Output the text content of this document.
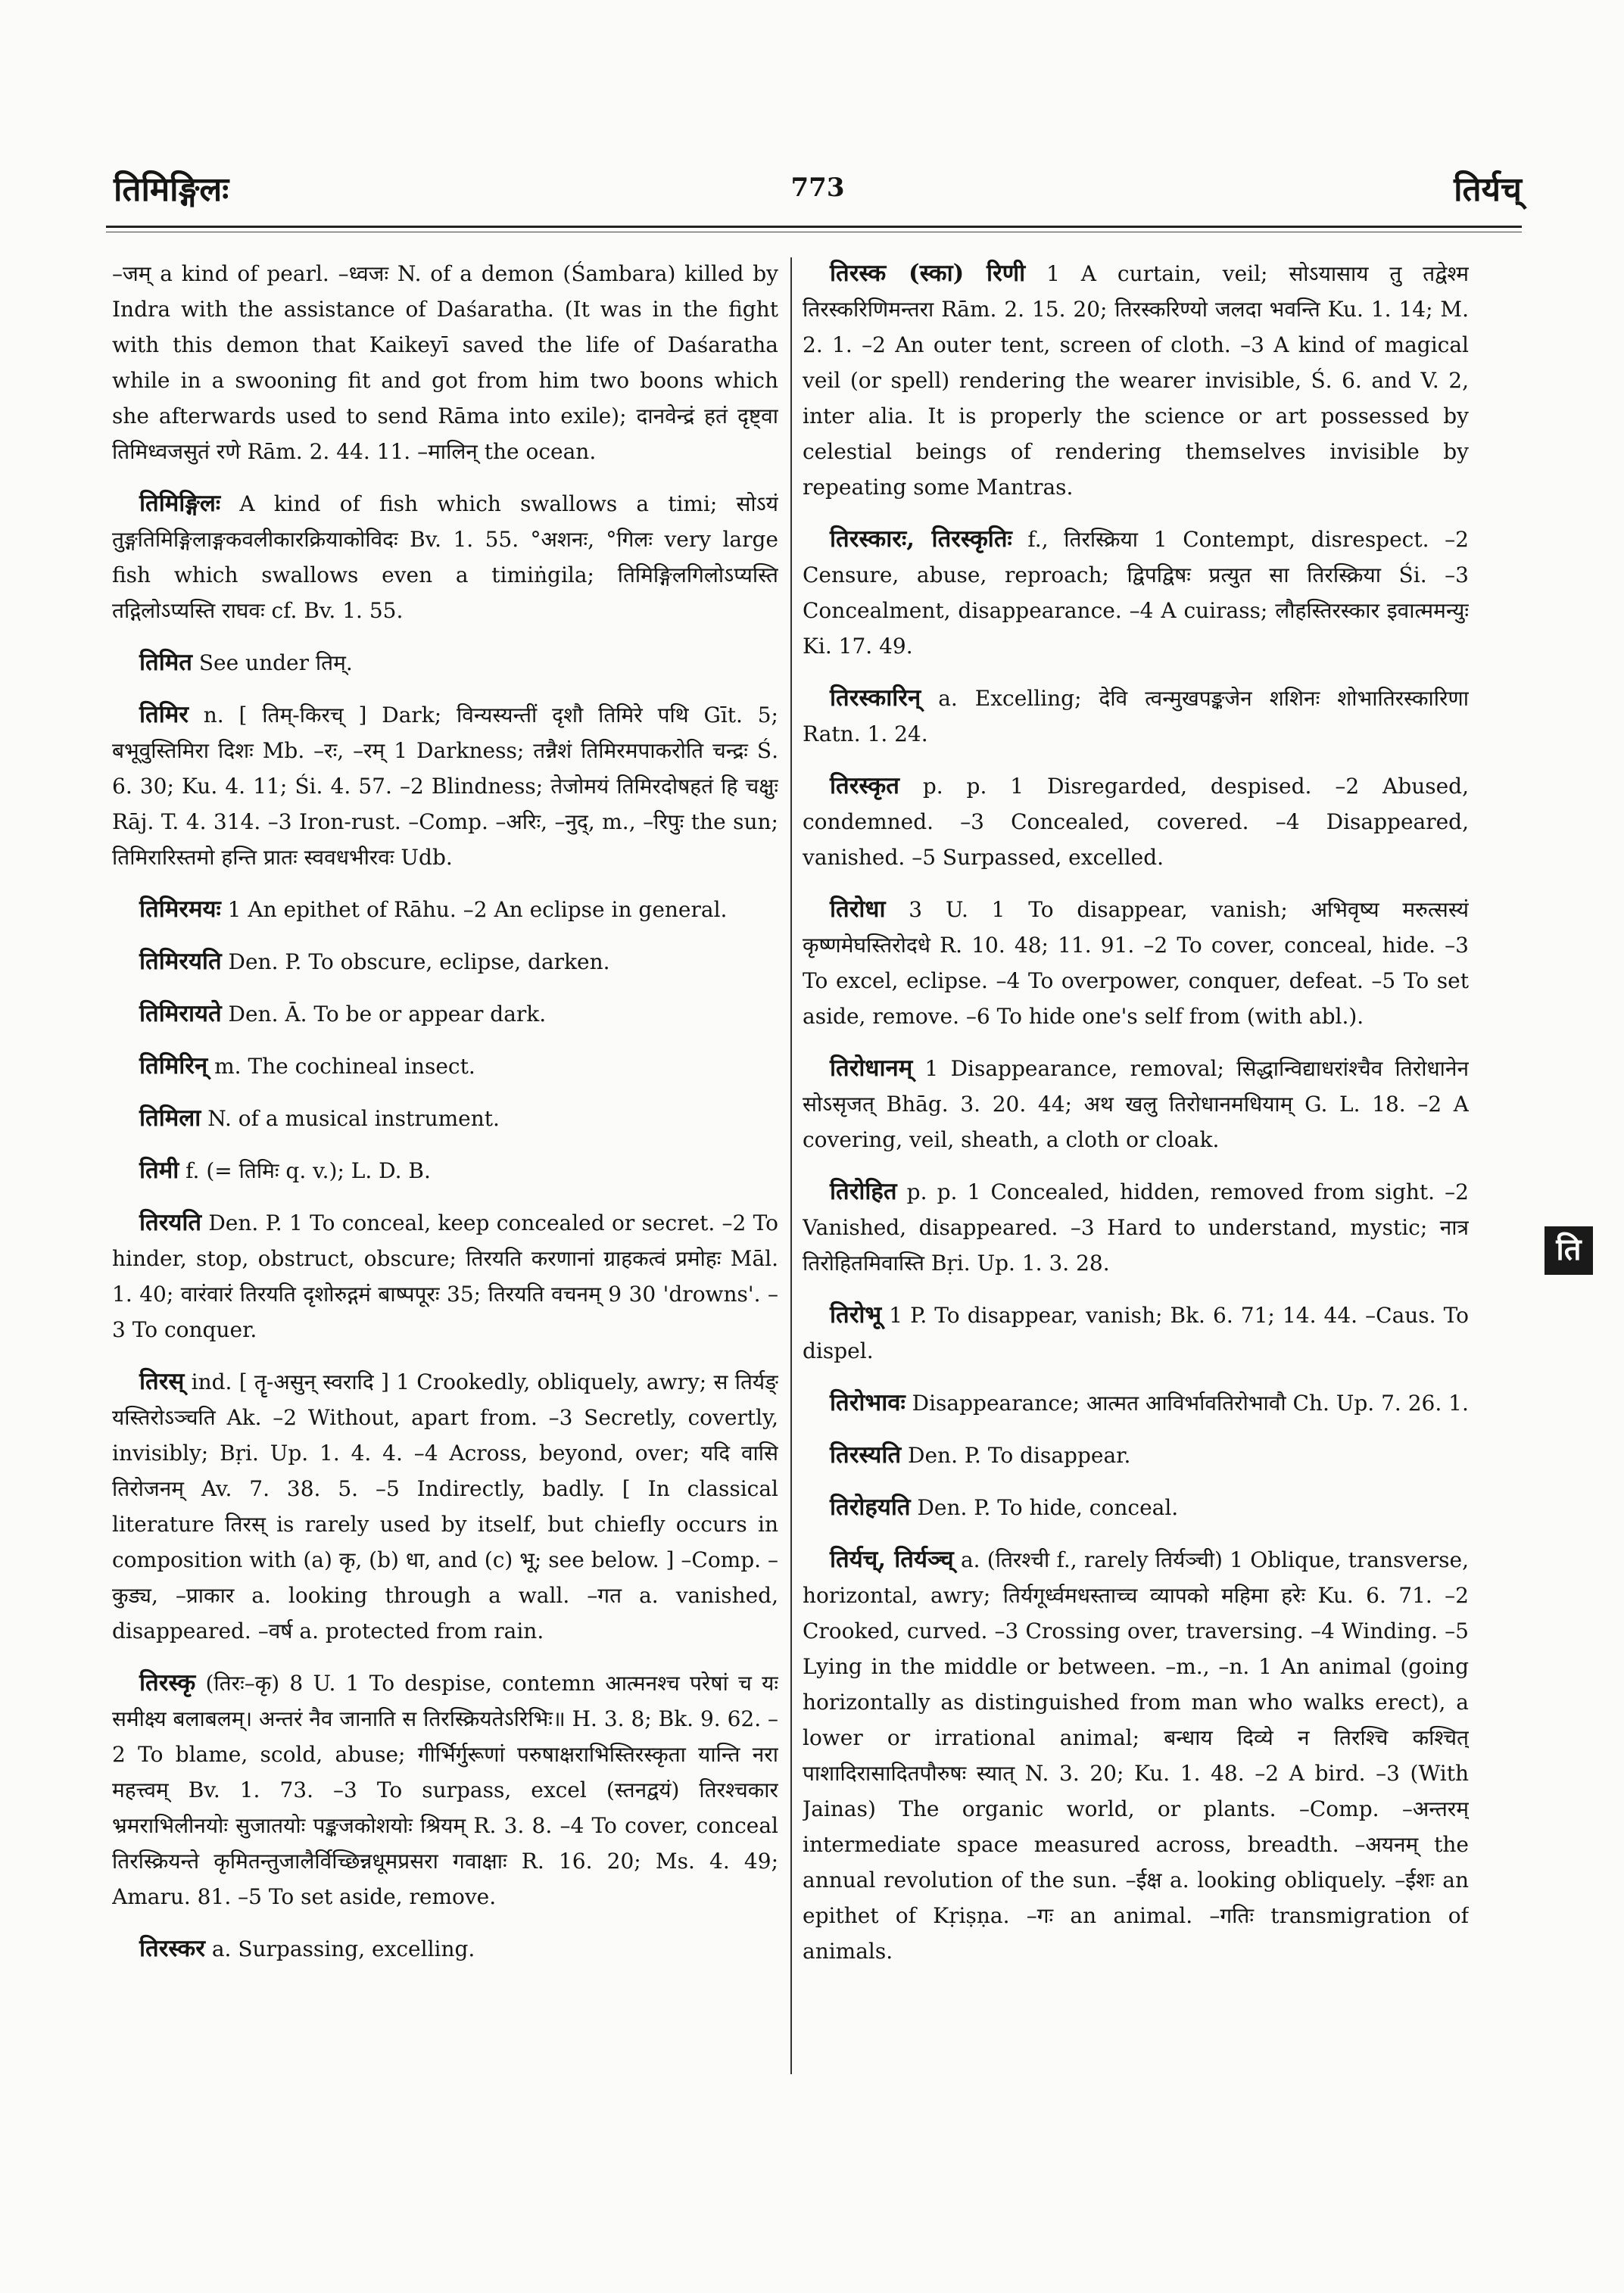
तिमिङ्गिलः	773	तिर्यच्

–जम् a kind of pearl. –ध्वजः N. of a demon (Śambara) killed by Indra with the assistance of Daśaratha. (It was in the fight with this demon that Kaikeyī saved the life of Daśaratha while in a swooning fit and got from him two boons which she afterwards used to send Rāma into exile); दानवेन्द्रं हतं दृष्ट्वा तिमिध्वजसुतं रणे Rām. 2. 44. 11. –मालिन् the ocean.

तिमिङ्गिलः A kind of fish which swallows a timi; सोऽयं तुङ्गतिमिङ्गिलाङ्गकवलीकारक्रियाकोविदः Bv. 1. 55. °अशनः, °गिलः very large fish which swallows even a timiṅgila; तिमिङ्गिलगिलोऽप्यस्ति तद्गिलोऽप्यस्ति राघवः cf. Bv. 1. 55.

तिमित See under तिम्.

तिमिर n. [ तिम्-किरच् ] Dark; विन्यस्यन्तीं दृशौ तिमिरे पथि Gīt. 5; बभूवुस्तिमिरा दिशः Mb. –रः, –रम् 1 Darkness; तन्नैशं तिमिरमपाकरोति चन्द्रः Ś. 6. 30; Ku. 4. 11; Śi. 4. 57. –2 Blindness; तेजोमयं तिमिरदोषहतं हि चक्षुः Rāj. T. 4. 314. –3 Iron-rust. –Comp. –अरिः, –नुद्, m., –रिपुः the sun; तिमिरारिस्तमो हन्ति प्रातः स्ववधभीरवः Udb.

तिमिरमयः 1 An epithet of Rāhu. –2 An eclipse in general.

तिमिरयति Den. P. To obscure, eclipse, darken.

तिमिरायते Den. Ā. To be or appear dark.

तिमिरिन् m. The cochineal insect.

तिमिला N. of a musical instrument.

तिमी f. (= तिमिः q. v.); L. D. B.

तिरयति Den. P. 1 To conceal, keep concealed or secret. –2 To hinder, stop, obstruct, obscure; तिरयति करणानां ग्राहकत्वं प्रमोहः Māl. 1. 40; वारंवारं तिरयति दृशोरुद्गमं बाष्पपूरः 35; तिरयति वचनम् 9 30 'drowns'. –3 To conquer.

तिरस् ind. [ तॄ-असुन् स्वरादि ] 1 Crookedly, obliquely, awry; स तिर्यङ् यस्तिरोऽञ्चति Ak. –2 Without, apart from. –3 Secretly, covertly, invisibly; Bṛi. Up. 1. 4. 4. –4 Across, beyond, over; यदि वासि तिरोजनम् Av. 7. 38. 5. –5 Indirectly, badly. [ In classical literature तिरस् is rarely used by itself, but chiefly occurs in composition with (a) कृ, (b) धा, and (c) भू; see below. ] –Comp. –कुड्य, –प्राकार a. looking through a wall. –गत a. vanished, disappeared. –वर्ष a. protected from rain.

तिरस्कृ (तिरः–कृ) 8 U. 1 To despise, contemn आत्मनश्च परेषां च यः समीक्ष्य बलाबलम्। अन्तरं नैव जानाति स तिरस्क्रियतेऽरिभिः॥ H. 3. 8; Bk. 9. 62. –2 To blame, scold, abuse; गीर्भिर्गुरूणां परुषाक्षराभिस्तिरस्कृता यान्ति नरा महत्त्वम् Bv. 1. 73. –3 To surpass, excel (स्तनद्वयं) तिरश्चकार भ्रमराभिलीनयोः सुजातयोः पङ्कजकोशयोः श्रियम् R. 3. 8. –4 To cover, conceal तिरस्क्रियन्ते कृमितन्तुजालैर्विच्छिन्नधूमप्रसरा गवाक्षाः R. 16. 20; Ms. 4. 49; Amaru. 81. –5 To set aside, remove.

तिरस्कर a. Surpassing, excelling.

तिरस्क (स्का) रिणी 1 A curtain, veil; सोऽयासाय तु तद्वेश्म तिरस्करिणिमन्तरा Rām. 2. 15. 20; तिरस्करिण्यो जलदा भवन्ति Ku. 1. 14; M. 2. 1. –2 An outer tent, screen of cloth. –3 A kind of magical veil (or spell) rendering the wearer invisible, Ś. 6. and V. 2, inter alia. It is properly the science or art possessed by celestial beings of rendering themselves invisible by repeating some Mantras.

तिरस्कारः, तिरस्कृतिः f., तिरस्क्रिया 1 Contempt, disrespect. –2 Censure, abuse, reproach; द्विपद्विषः प्रत्युत सा तिरस्क्रिया Śi. –3 Concealment, disappearance. –4 A cuirass; लौहस्तिरस्कार इवात्ममन्युः Ki. 17. 49.

तिरस्कारिन् a. Excelling; देवि त्वन्मुखपङ्कजेन शशिनः शोभातिरस्कारिणा Ratn. 1. 24.

तिरस्कृत p. p. 1 Disregarded, despised. –2 Abused, condemned. –3 Concealed, covered. –4 Disappeared, vanished. –5 Surpassed, excelled.

तिरोधा 3 U. 1 To disappear, vanish; अभिवृष्य मरुत्सस्यं कृष्णमेघस्तिरोदधे R. 10. 48; 11. 91. –2 To cover, conceal, hide. –3 To excel, eclipse. –4 To overpower, conquer, defeat. –5 To set aside, remove. –6 To hide one's self from (with abl.).

तिरोधानम् 1 Disappearance, removal; सिद्धान्विद्याधरांश्चैव तिरोधानेन सोऽसृजत् Bhāg. 3. 20. 44; अथ खलु तिरोधानमधियाम् G. L. 18. –2 A covering, veil, sheath, a cloth or cloak.

तिरोहित p. p. 1 Concealed, hidden, removed from sight. –2 Vanished, disappeared. –3 Hard to understand, mystic; नात्र तिरोहितमिवास्ति Bṛi. Up. 1. 3. 28.

तिरोभू 1 P. To disappear, vanish; Bk. 6. 71; 14. 44. –Caus. To dispel.

तिरोभावः Disappearance; आत्मत आविर्भावतिरोभावौ Ch. Up. 7. 26. 1.

तिरस्यति Den. P. To disappear.

तिरोहयति Den. P. To hide, conceal.

तिर्यच्, तिर्यञ्च् a. (तिरश्ची f., rarely तिर्यञ्ची) 1 Oblique, transverse, horizontal, awry; तिर्यगूर्ध्वमधस्ताच्च व्यापको महिमा हरेः Ku. 6. 71. –2 Crooked, curved. –3 Crossing over, traversing. –4 Winding. –5 Lying in the middle or between. –m., –n. 1 An animal (going horizontally as distinguished from man who walks erect), a lower or irrational animal; बन्धाय दिव्ये न तिरश्चि कश्चित् पाशादिरासादितपौरुषः स्यात् N. 3. 20; Ku. 1. 48. –2 A bird. –3 (With Jainas) The organic world, or plants. –Comp. –अन्तरम् intermediate space measured across, breadth. –अयनम् the annual revolution of the sun. –ईक्ष a. looking obliquely. –ईशः an epithet of Kṛiṣṇa. –गः an animal. –गतिः transmigration of animals.

ति
